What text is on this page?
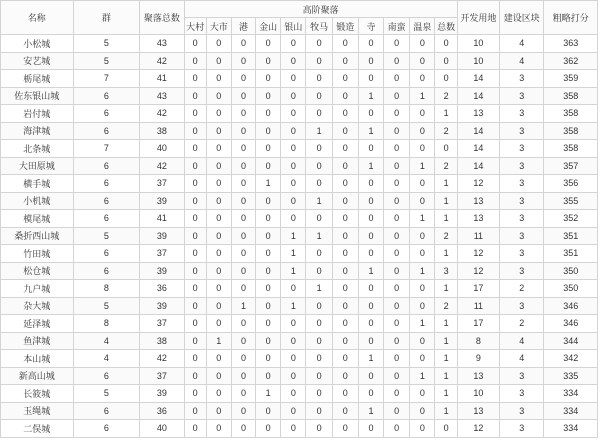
名称	群	聚落总数	高阶聚落											开发用地	建设区块	粗略打分
			大村	大市	港	金山	银山	牧马	锻造	寺	南蛮	温泉	总数			
小松城	5	43	0	0	0	0	0	0	0	0	0	0	0	10	4	363
安艺城	5	42	0	0	0	0	0	0	0	0	0	0	0	10	4	362
栃尾城	7	41	0	0	0	0	0	0	0	0	0	0	0	14	3	359
佐东银山城	6	43	0	0	0	0	0	0	0	1	0	1	2	14	3	358
岩付城	6	42	0	0	0	0	0	0	0	0	0	0	1	13	3	358
海津城	6	38	0	0	0	0	0	1	0	1	0	0	2	14	3	358
北条城	7	40	0	0	0	0	0	0	0	0	0	0	0	14	3	358
大田原城	6	42	0	0	0	0	0	0	0	1	0	1	2	14	3	357
横手城	6	37	0	0	0	1	0	0	0	0	0	0	1	12	3	356
小机城	6	39	0	0	0	0	0	1	0	0	0	0	1	13	3	355
模尾城	6	41	0	0	0	0	0	0	0	0	0	1	1	13	3	352
桑折西山城	5	39	0	0	0	0	1	1	0	0	0	0	2	11	3	351
竹田城	6	37	0	0	0	0	1	0	0	0	0	0	1	12	3	351
松仓城	6	39	0	0	0	0	1	0	0	1	0	1	3	12	3	350
九户城	8	36	0	0	0	0	0	1	0	0	0	0	1	17	2	350
杂大城	5	39	0	0	1	0	1	0	0	0	0	0	2	11	3	346
延泽城	8	37	0	0	0	0	0	0	0	0	0	1	1	17	2	346
鱼津城	4	38	0	1	0	0	0	0	0	0	0	0	1	8	4	344
本山城	4	42	0	0	0	0	0	0	0	1	0	0	1	9	4	342
新高山城	6	37	0	0	0	0	0	0	0	0	0	1	1	13	3	335
长筱城	5	39	0	0	0	1	0	0	0	0	0	0	1	10	3	334
玉绳城	6	36	0	0	0	0	0	0	0	1	0	0	1	13	3	334
二俣城	6	40	0	0	0	0	0	0	0	0	0	0	0	12	3	334
